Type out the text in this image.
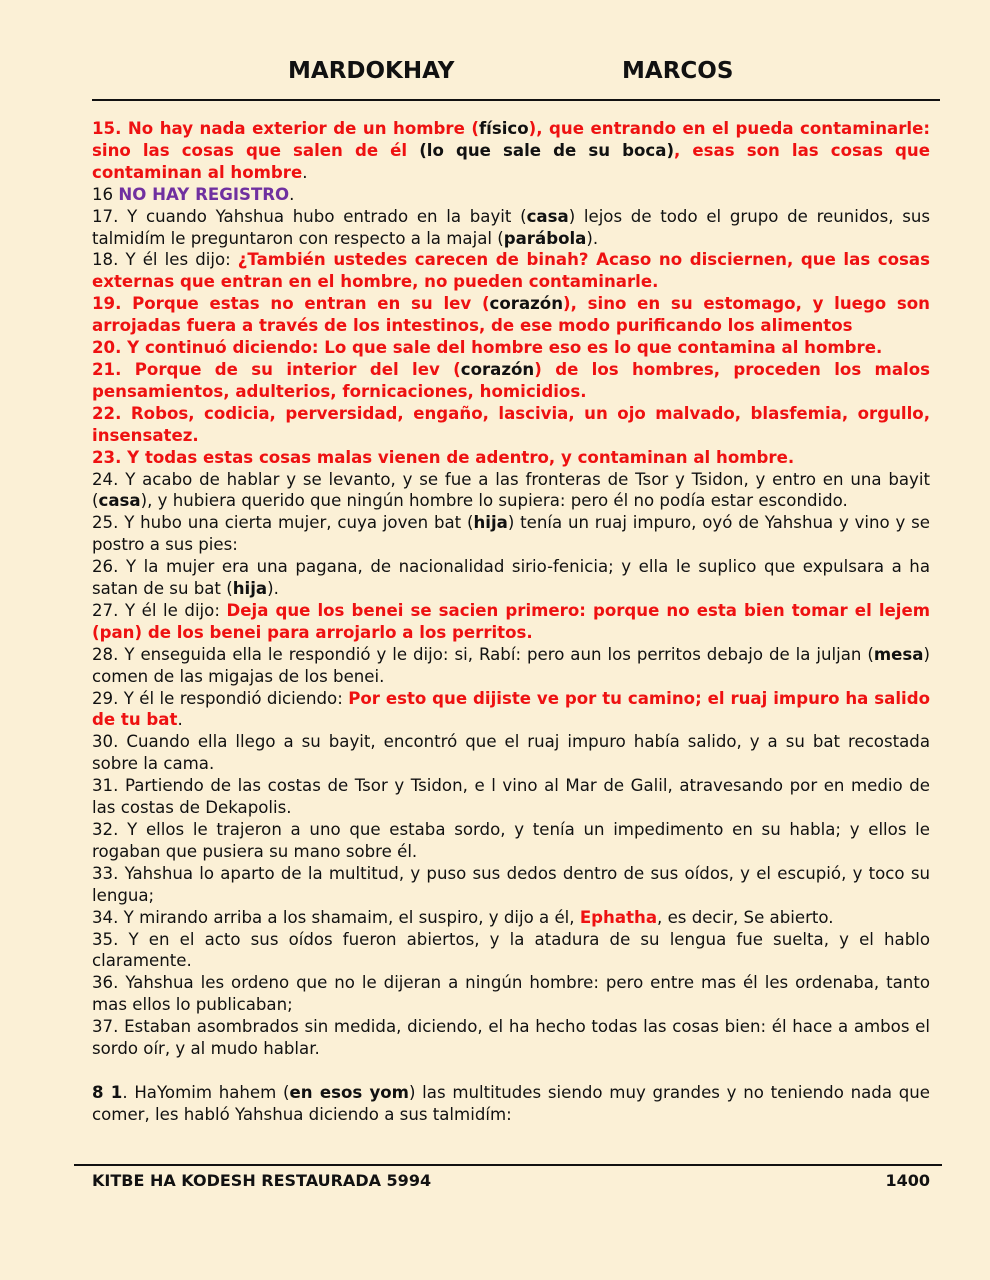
MARDOKHAY	MARCOS

15. No hay nada exterior de un hombre (físico), que entrando en el pueda contaminarle: sino las cosas que salen de él (lo que sale de su boca), esas son las cosas que contaminan al hombre.

16 NO HAY REGISTRO.

17. Y cuando Yahshua hubo entrado en la bayit (casa) lejos de todo el grupo de reunidos, sus talmidím le preguntaron con respecto a la majal (parábola).

18. Y él les dijo: ¿También ustedes carecen de binah? Acaso no disciernen, que las cosas externas que entran en el hombre, no pueden contaminarle.

19. Porque estas no entran en su lev (corazón), sino en su estomago, y luego son arrojadas fuera a través de los intestinos, de ese modo purificando los alimentos

20. Y continuó diciendo: Lo que sale del hombre eso es lo que contamina al hombre.

21. Porque de su interior del lev (corazón) de los hombres, proceden los malos pensamientos, adulterios, fornicaciones, homicidios.

22. Robos, codicia, perversidad, engaño, lascivia, un ojo malvado, blasfemia, orgullo, insensatez.

23. Y todas estas cosas malas vienen de adentro, y contaminan al hombre.

24. Y acabo de hablar y se levanto, y se fue a las fronteras de Tsor y Tsidon, y entro en una bayit (casa), y hubiera querido que ningún hombre lo supiera: pero él no podía estar escondido.

25. Y hubo una cierta mujer, cuya joven bat (hija) tenía un ruaj impuro, oyó de Yahshua y vino y se postro a sus pies:

26. Y la mujer era una pagana, de nacionalidad sirio-fenicia; y ella le suplico que expulsara a ha satan de su bat (hija).

27. Y él le dijo: Deja que los benei se sacien primero: porque no esta bien tomar el lejem (pan) de los benei para arrojarlo a los perritos.

28. Y enseguida ella le respondió y le dijo: si, Rabí: pero aun los perritos debajo de la juljan (mesa) comen de las migajas de los benei.

29. Y él le respondió diciendo: Por esto que dijiste ve por tu camino; el ruaj impuro ha salido de tu bat.

30. Cuando ella llego a su bayit, encontró que el ruaj impuro había salido, y a su bat recostada sobre la cama.

31. Partiendo de las costas de Tsor y Tsidon, e l vino al Mar de Galil, atravesando por en medio de las costas de Dekapolis.

32. Y ellos le trajeron a uno que estaba sordo, y tenía un impedimento en su habla; y ellos le rogaban que pusiera su mano sobre él.

33. Yahshua lo aparto de la multitud, y puso sus dedos dentro de sus oídos, y el escupió, y toco su lengua;

34. Y mirando arriba a los shamaim, el suspiro, y dijo a él, Ephatha, es decir, Se abierto.

35. Y en el acto sus oídos fueron abiertos, y la atadura de su lengua fue suelta, y el hablo claramente.

36. Yahshua les ordeno que no le dijeran a ningún hombre: pero entre mas él les ordenaba, tanto mas ellos lo publicaban;

37. Estaban asombrados sin medida, diciendo, el ha hecho todas las cosas bien: él hace a ambos el sordo oír, y al mudo hablar.

8 1. HaYomim hahem (en esos yom) las multitudes siendo muy grandes y no teniendo nada que comer, les habló Yahshua diciendo a sus talmidím:

KITBE HA KODESH RESTAURADA 5994	1400
